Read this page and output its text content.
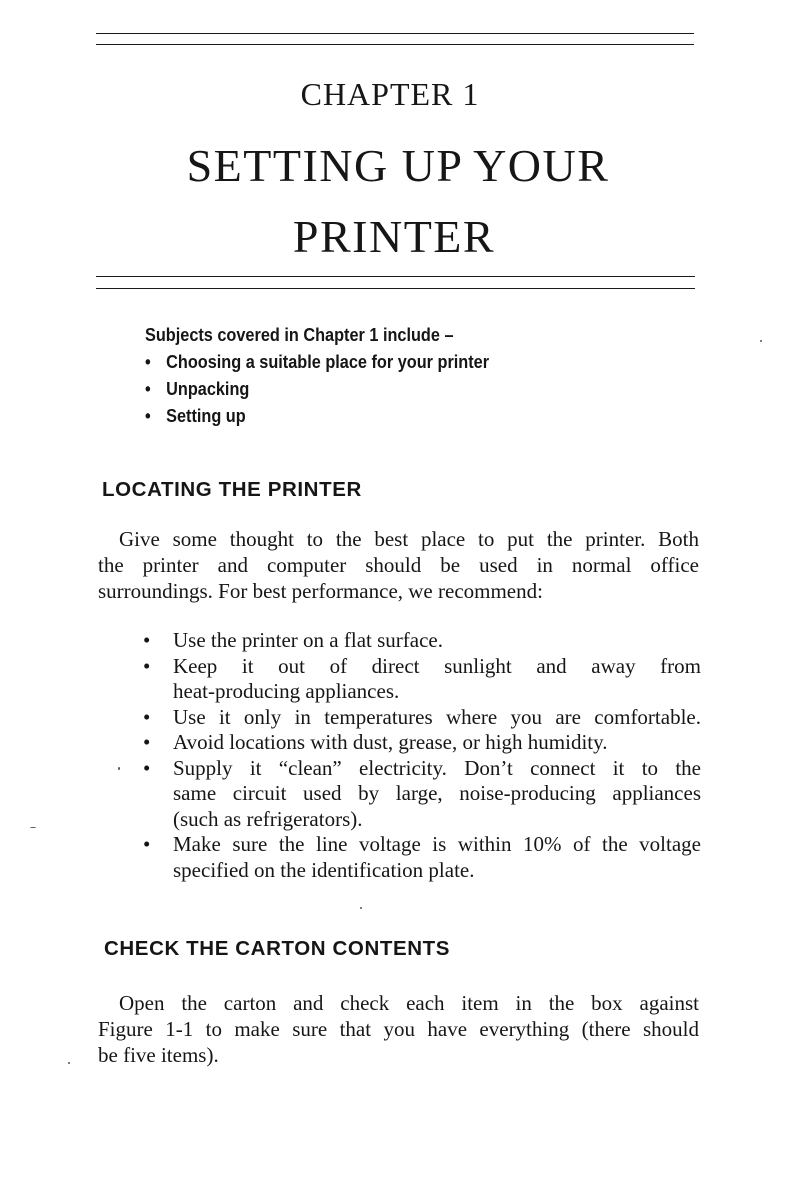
CHAPTER 1
SETTING UP YOUR
PRINTER
Subjects covered in Chapter 1 include –
• Choosing a suitable place for your printer
• Unpacking
• Setting up
LOCATING THE PRINTER
Give some thought to the best place to put the printer. Both
the printer and computer should be used in normal office
surroundings. For best performance, we recommend:
• Use the printer on a flat surface.
• Keep it out of direct sunlight and away from
heat-producing appliances.
• Use it only in temperatures where you are comfortable.
• Avoid locations with dust, grease, or high humidity.
• Supply it “clean” electricity. Don’t connect it to the
same circuit used by large, noise-producing appliances
(such as refrigerators).
• Make sure the line voltage is within 10% of the voltage
specified on the identification plate.
CHECK THE CARTON CONTENTS
Open the carton and check each item in the box against
Figure 1-1 to make sure that you have everything (there should
be five items).
